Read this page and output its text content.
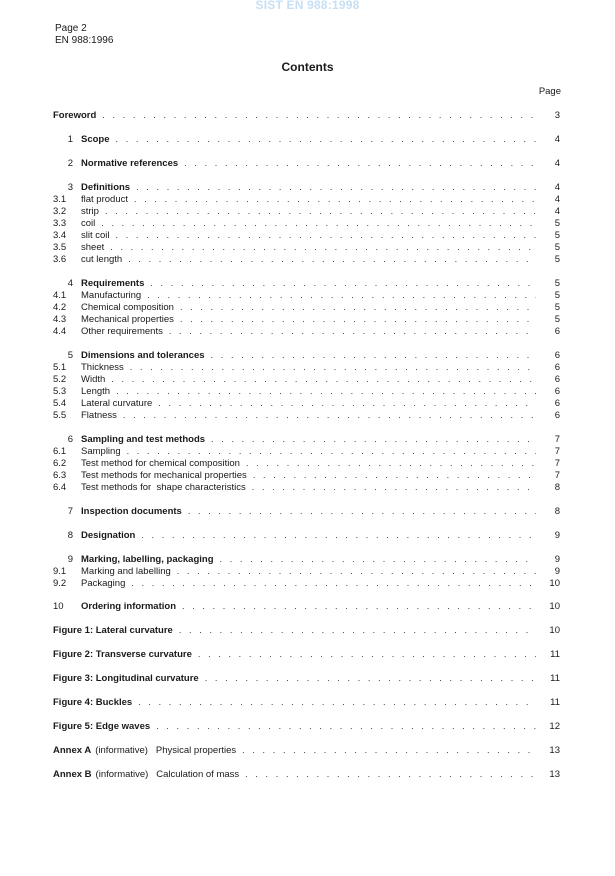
SIST EN 988:1998
Page 2
EN 988:1996
Contents
Page
Foreword . . .	3
1 Scope . . .	4
2 Normative references . . .	4
3 Definitions . . .	4
3.1	flat product . . .	4
3.2	strip . . .	4
3.3	coil . . .	5
3.4	slit coil . . .	5
3.5	sheet . . .	5
3.6	cut length . . .	5
4 Requirements . . .	5
4.1	Manufacturing . . .	5
4.2	Chemical composition . . .	5
4.3	Mechanical properties . . .	5
4.4	Other requirements . . .	6
5 Dimensions and tolerances . . .	6
5.1	Thickness . . .	6
5.2	Width . . .	6
5.3	Length . . .	6
5.4	Lateral curvature . . .	6
5.5	Flatness . . .	6
6 Sampling and test methods . . .	7
6.1	Sampling . . .	7
6.2	Test method for chemical composition . . .	7
6.3	Test methods for mechanical properties . . .	7
6.4	Test methods for  shape characteristics . . .	8
7 Inspection documents . . .	8
8 Designation . . .	9
9 Marking, labelling, packaging . . .	9
9.1	Marking and labelling . . .	9
9.2	Packaging . . .	10
10	Ordering information . . .	10
Figure 1: Lateral curvature . . .	10
Figure 2: Transverse curvature . . .	11
Figure 3: Longitudinal curvature . . .	11
Figure 4: Buckles . . .	11
Figure 5: Edge waves . . .	12
Annex A (informative)   Physical properties . . .	13
Annex B (informative)   Calculation of mass . . .	13
